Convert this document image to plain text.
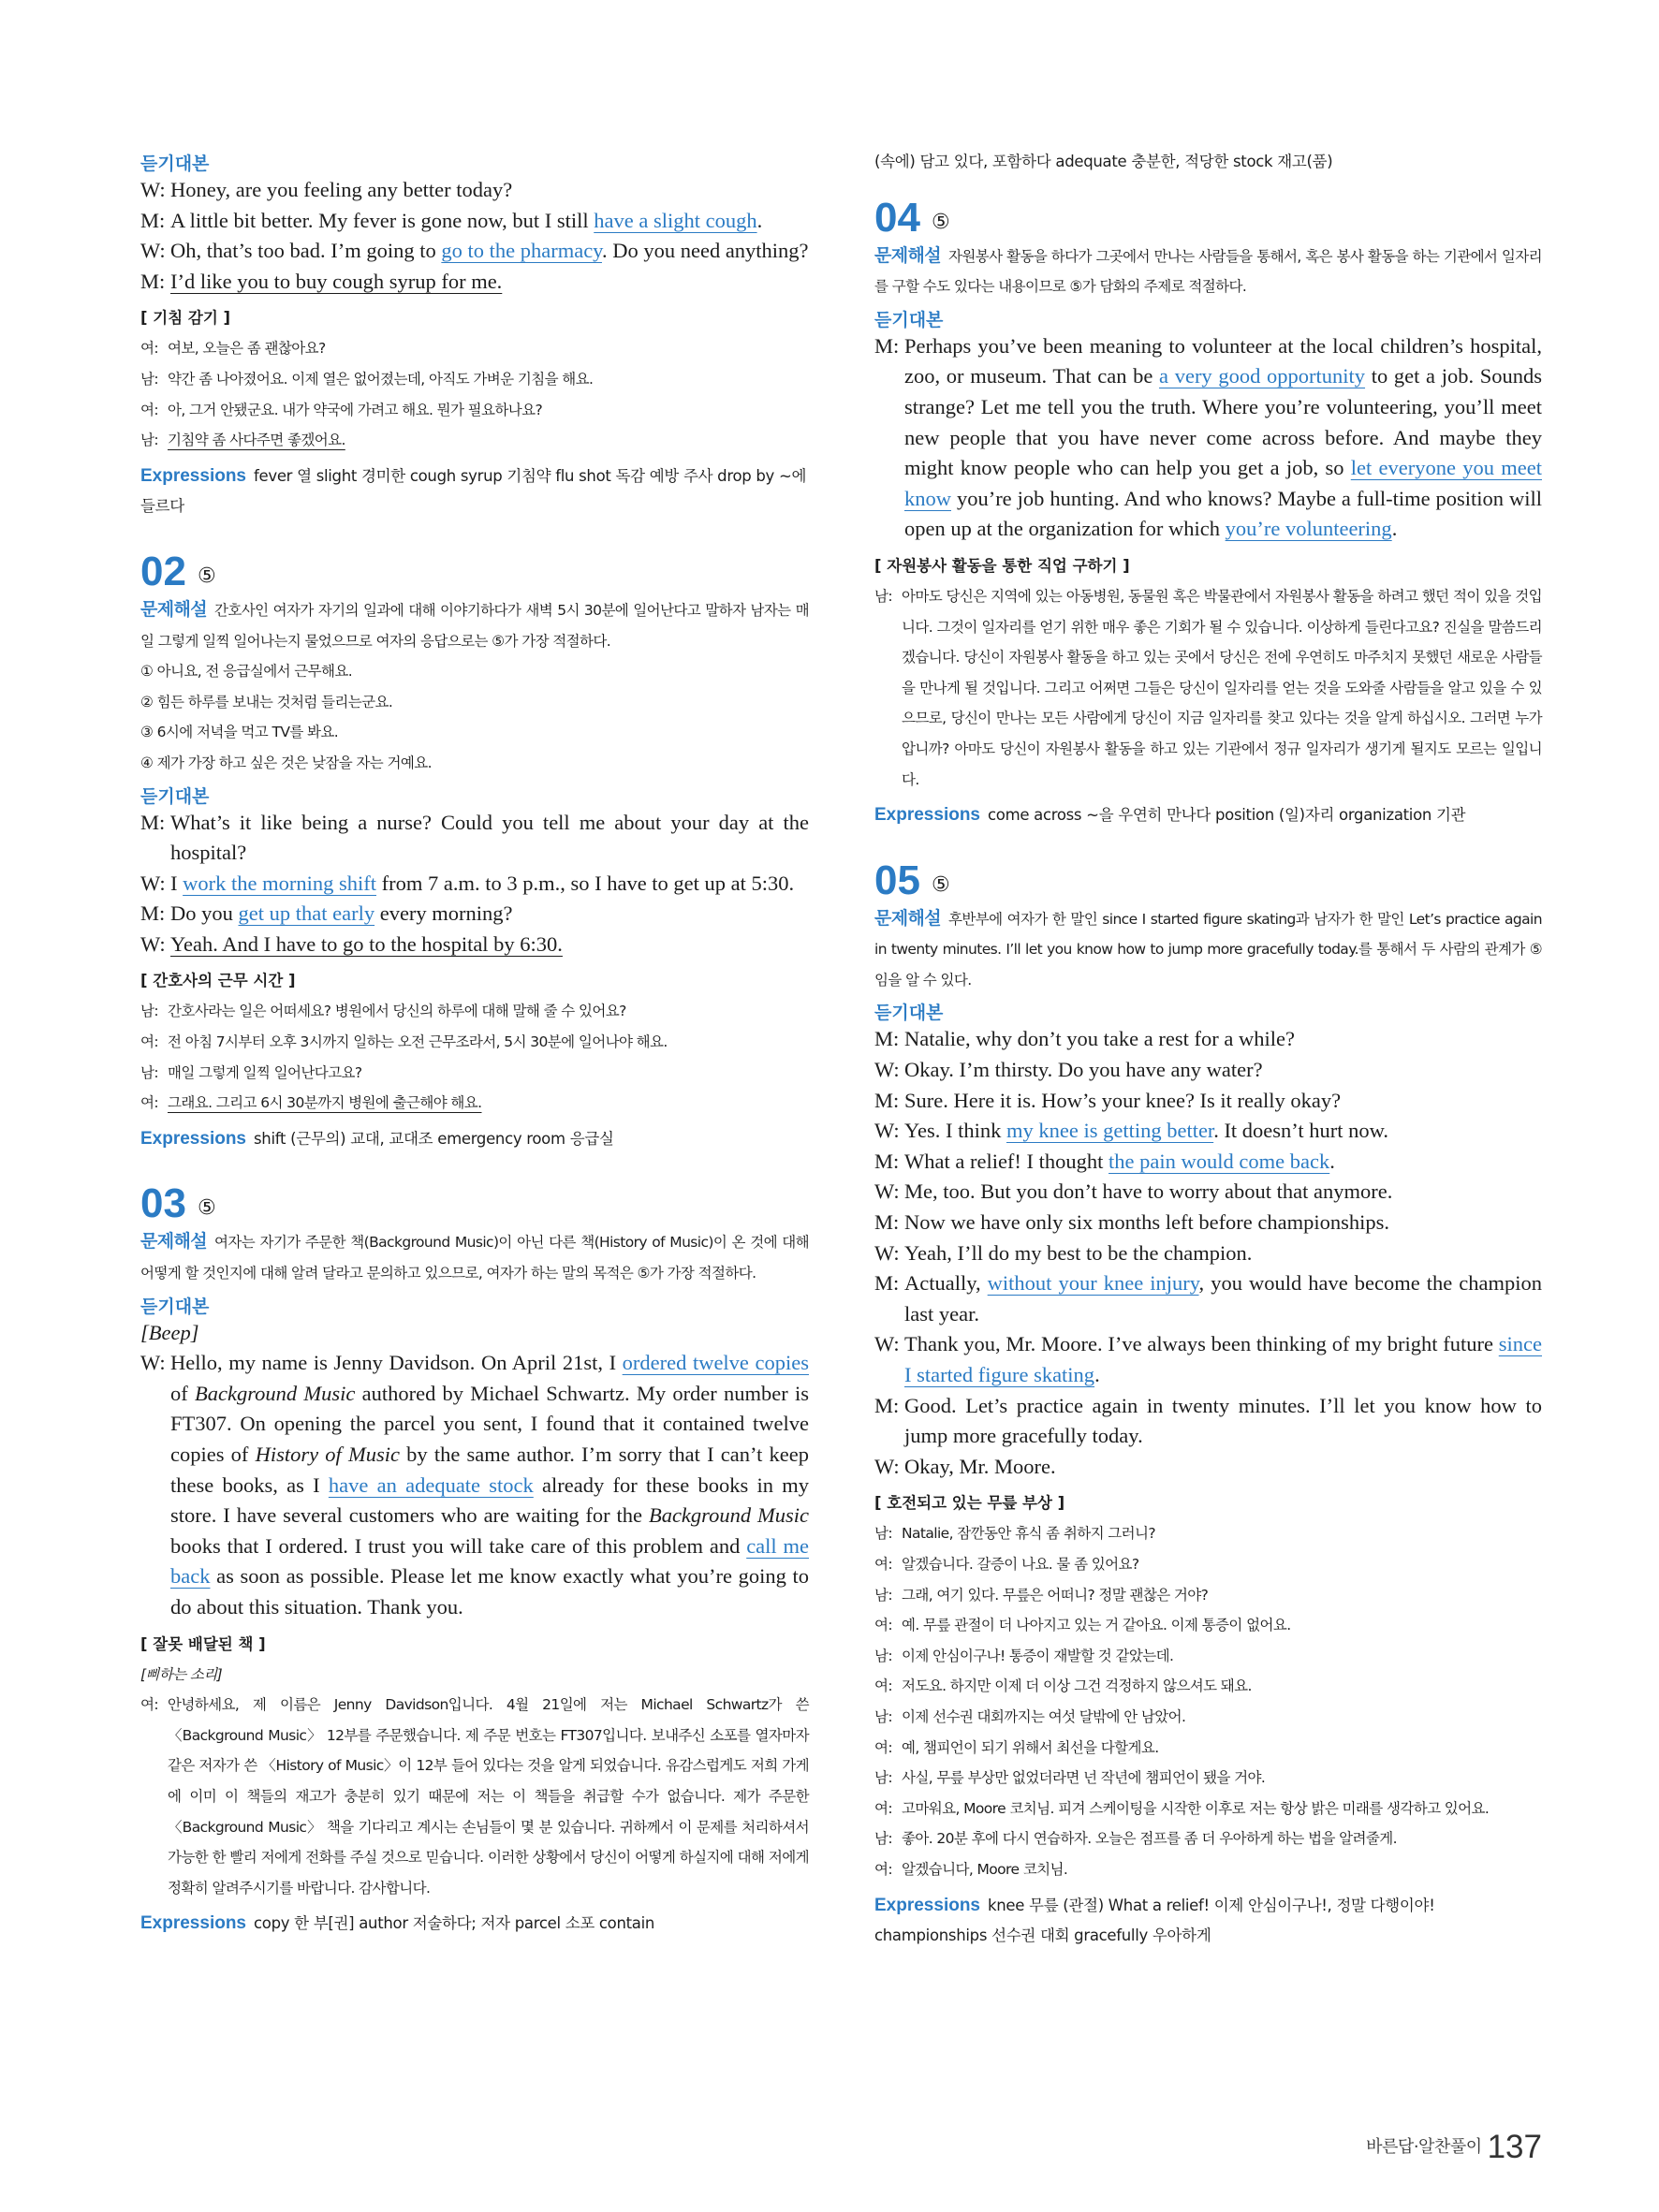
듣기대본
W: Honey, are you feeling any better today?
M: A little bit better. My fever is gone now, but I still have a slight cough.
W: Oh, that’s too bad. I’m going to go to the pharmacy. Do you need anything?
M: I’d like you to buy cough syrup for me.
[ 기침 감기 ]
여: 여보, 오늘은 좀 괜찮아요?
남: 약간 좀 나아졌어요. 이제 열은 없어졌는데, 아직도 가벼운 기침을 해요.
여: 아, 그거 안됐군요. 내가 약국에 가려고 해요. 뭔가 필요하나요?
남: 기침약 좀 사다주면 좋겠어요.
Expressions fever 열 slight 경미한 cough syrup 기침약 flu shot 독감 예방 주사 drop by ~에 들르다
02 ⑤
문제해설 간호사인 여자가 자기의 일과에 대해 이야기하다가 새벽 5시 30분에 일어난다고 말하자 남자는 매일 그렇게 일찍 일어나는지 물었으므로 여자의 응답으로는 ⑤가 가장 적절하다.
① 아니요, 전 응급실에서 근무해요.
② 힘든 하루를 보내는 것처럼 들리는군요.
③ 6시에 저녁을 먹고 TV를 봐요.
④ 제가 가장 하고 싶은 것은 낮잠을 자는 거예요.
듣기대본
M: What’s it like being a nurse? Could you tell me about your day at the hospital?
W: I work the morning shift from 7 a.m. to 3 p.m., so I have to get up at 5:30.
M: Do you get up that early every morning?
W: Yeah. And I have to go to the hospital by 6:30.
[ 간호사의 근무 시간 ]
남: 간호사라는 일은 어떠세요? 병원에서 당신의 하루에 대해 말해 줄 수 있어요?
여: 전 아침 7시부터 오후 3시까지 일하는 오전 근무조라서, 5시 30분에 일어나야 해요.
남: 매일 그렇게 일찍 일어난다고요?
여: 그래요. 그리고 6시 30분까지 병원에 출근해야 해요.
Expressions shift (근무의) 교대, 교대조 emergency room 응급실
03 ⑤
문제해설 여자는 자기가 주문한 책(Background Music)이 아닌 다른 책(History of Music)이 온 것에 대해 어떻게 할 것인지에 대해 알려 달라고 문의하고 있으므로, 여자가 하는 말의 목적은 ⑤가 가장 적절하다.
듣기대본
[Beep]
W: Hello, my name is Jenny Davidson. On April 21st, I ordered twelve copies of Background Music authored by Michael Schwartz. My order number is FT307. On opening the parcel you sent, I found that it contained twelve copies of History of Music by the same author. I’m sorry that I can’t keep these books, as I have an adequate stock already for these books in my store. I have several customers who are waiting for the Background Music books that I ordered. I trust you will take care of this problem and call me back as soon as possible. Please let me know exactly what you’re going to do about this situation. Thank you.
[ 잘못 배달된 책 ]
[삐하는 소리]
여: 안녕하세요, 제 이름은 Jenny Davidson입니다. 4월 21일에 저는 Michael Schwartz가 쓴 〈Background Music〉 12부를 주문했습니다. 제 주문 번호는 FT307입니다. 보내주신 소포를 열자마자 같은 저자가 쓴 〈History of Music〉이 12부 들어 있다는 것을 알게 되었습니다. 유감스럽게도 저희 가게에 이미 이 책들의 재고가 충분히 있기 때문에 저는 이 책들을 취급할 수가 없습니다. 제가 주문한 〈Background Music〉 책을 기다리고 계시는 손님들이 몇 분 있습니다. 귀하께서 이 문제를 처리하셔서 가능한 한 빨리 저에게 전화를 주실 것으로 믿습니다. 이러한 상황에서 당신이 어떻게 하실지에 대해 저에게 정확히 알려주시기를 바랍니다. 감사합니다.
Expressions copy 한 부[권] author 저술하다; 저자 parcel 소포 contain
(속에) 담고 있다, 포함하다 adequate 충분한, 적당한 stock 재고(품)
04 ⑤
문제해설 자원봉사 활동을 하다가 그곳에서 만나는 사람들을 통해서, 혹은 봉사 활동을 하는 기관에서 일자리를 구할 수도 있다는 내용이므로 ⑤가 담화의 주제로 적절하다.
듣기대본
M: Perhaps you’ve been meaning to volunteer at the local children’s hospital, zoo, or museum. That can be a very good opportunity to get a job. Sounds strange? Let me tell you the truth. Where you’re volunteering, you’ll meet new people that you have never come across before. And maybe they might know people who can help you get a job, so let everyone you meet know you’re job hunting. And who knows? Maybe a full-time position will open up at the organization for which you’re volunteering.
[ 자원봉사 활동을 통한 직업 구하기 ]
남: 아마도 당신은 지역에 있는 아동병원, 동물원 혹은 박물관에서 자원봉사 활동을 하려고 했던 적이 있을 것입니다. 그것이 일자리를 얻기 위한 매우 좋은 기회가 될 수 있습니다. 이상하게 들린다고요? 진실을 말씀드리겠습니다. 당신이 자원봉사 활동을 하고 있는 곳에서 당신은 전에 우연히도 마주치지 못했던 새로운 사람들을 만나게 될 것입니다. 그리고 어쩌면 그들은 당신이 일자리를 얻는 것을 도와줄 사람들을 알고 있을 수 있으므로, 당신이 만나는 모든 사람에게 당신이 지금 일자리를 찾고 있다는 것을 알게 하십시오. 그러면 누가 압니까? 아마도 당신이 자원봉사 활동을 하고 있는 기관에서 정규 일자리가 생기게 될지도 모르는 일입니다.
Expressions come across ~을 우연히 만나다 position (일)자리 organization 기관
05 ⑤
문제해설 후반부에 여자가 한 말인 since I started figure skating과 남자가 한 말인 Let’s practice again in twenty minutes. I’ll let you know how to jump more gracefully today.를 통해서 두 사람의 관계가 ⑤임을 알 수 있다.
듣기대본
M: Natalie, why don’t you take a rest for a while?
W: Okay. I’m thirsty. Do you have any water?
M: Sure. Here it is. How’s your knee? Is it really okay?
W: Yes. I think my knee is getting better. It doesn’t hurt now.
M: What a relief! I thought the pain would come back.
W: Me, too. But you don’t have to worry about that anymore.
M: Now we have only six months left before championships.
W: Yeah, I’ll do my best to be the champion.
M: Actually, without your knee injury, you would have become the champion last year.
W: Thank you, Mr. Moore. I’ve always been thinking of my bright future since I started figure skating.
M: Good. Let’s practice again in twenty minutes. I’ll let you know how to jump more gracefully today.
W: Okay, Mr. Moore.
[ 호전되고 있는 무릎 부상 ]
남: Natalie, 잠깐동안 휴식 좀 취하지 그러니?
여: 알겠습니다. 갈증이 나요. 물 좀 있어요?
남: 그래, 여기 있다. 무릎은 어떠니? 정말 괜찮은 거야?
여: 예. 무릎 관절이 더 나아지고 있는 거 같아요. 이제 통증이 없어요.
남: 이제 안심이구나! 통증이 재발할 것 같았는데.
여: 저도요. 하지만 이제 더 이상 그건 걱정하지 않으셔도 돼요.
남: 이제 선수권 대회까지는 여섯 달밖에 안 남았어.
여: 예, 챔피언이 되기 위해서 최선을 다할게요.
남: 사실, 무릎 부상만 없었더라면 넌 작년에 챔피언이 됐을 거야.
여: 고마워요, Moore 코치님. 피겨 스케이팅을 시작한 이후로 저는 항상 밝은 미래를 생각하고 있어요.
남: 좋아. 20분 후에 다시 연습하자. 오늘은 점프를 좀 더 우아하게 하는 법을 알려줄게.
여: 알겠습니다, Moore 코치님.
Expressions knee 무릎 (관절) What a relief! 이제 안심이구나!, 정말 다행이야! championships 선수권 대회 gracefully 우아하게
바른답·알찬풀이 137
